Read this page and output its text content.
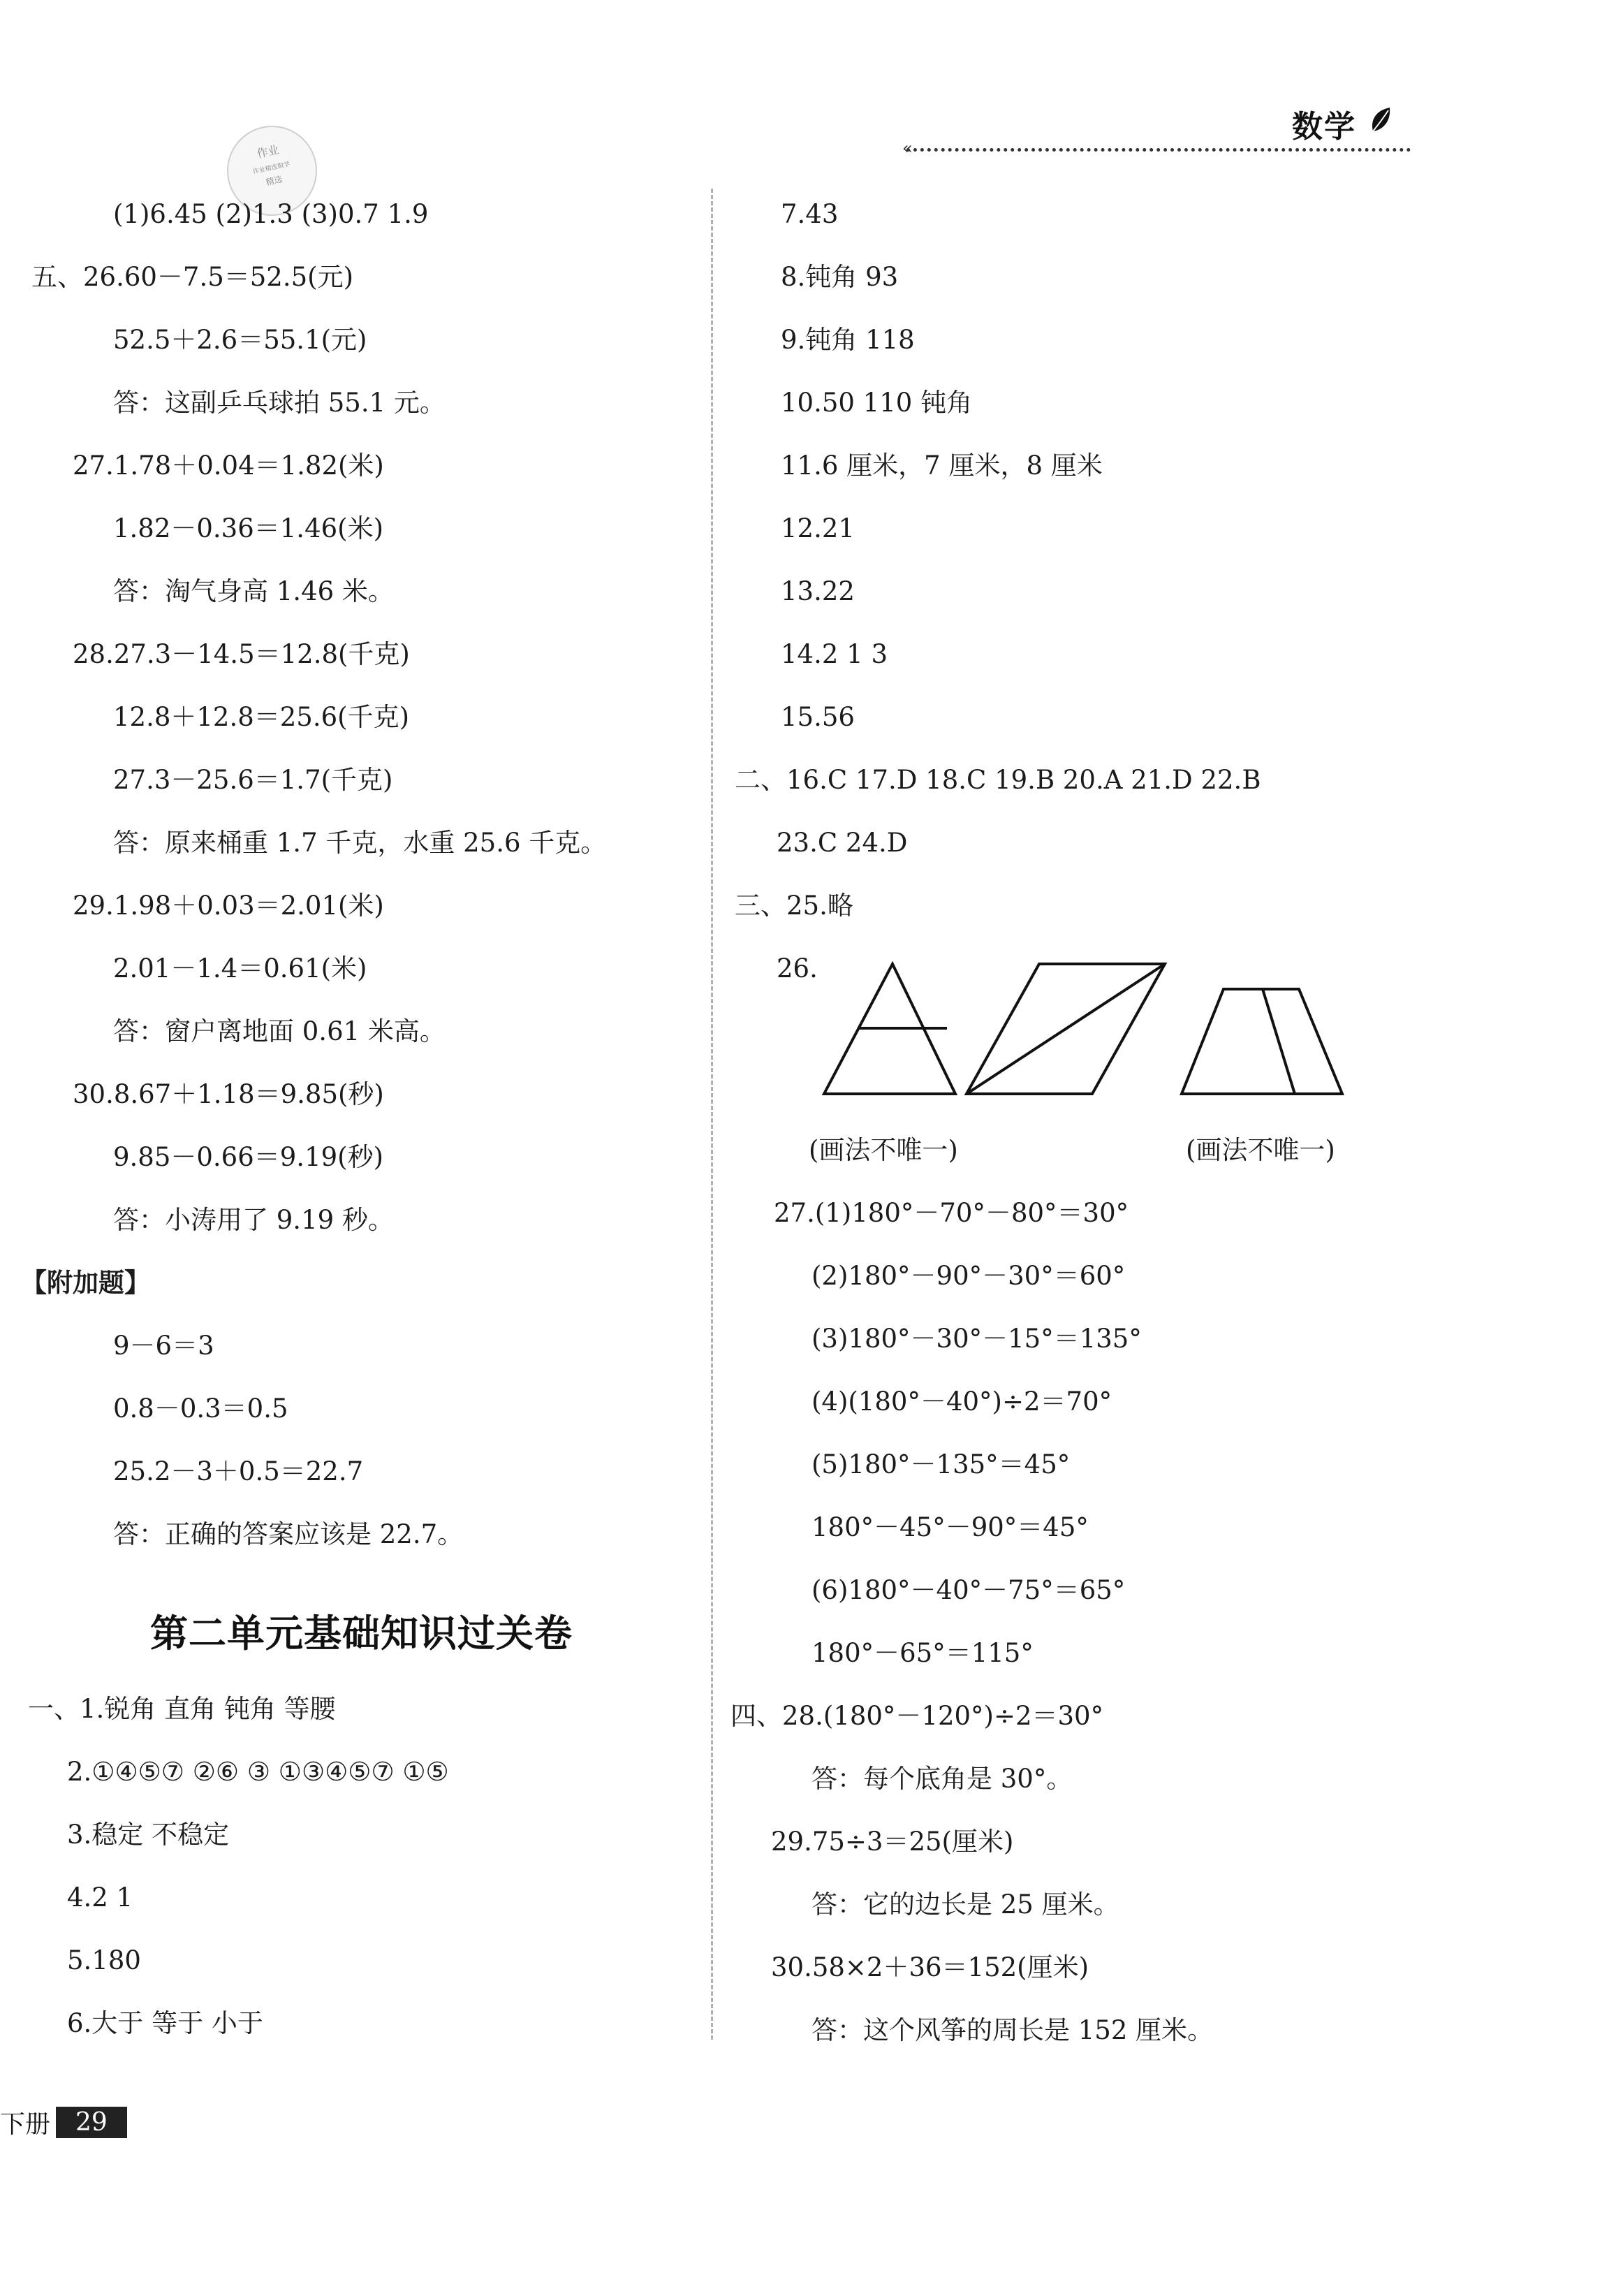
数学
«
作业
作业精选数学
精选
(1)6.45 (2)1.3 (3)0.7 1.9
五、26.60－7.5＝52.5(元)
52.5＋2.6＝55.1(元)
答：这副乒乓球拍 55.1 元。
27.1.78＋0.04＝1.82(米)
1.82－0.36＝1.46(米)
答：淘气身高 1.46 米。
28.27.3－14.5＝12.8(千克)
12.8＋12.8＝25.6(千克)
27.3－25.6＝1.7(千克)
答：原来桶重 1.7 千克，水重 25.6 千克。
29.1.98＋0.03＝2.01(米)
2.01－1.4＝0.61(米)
答：窗户离地面 0.61 米高。
30.8.67＋1.18＝9.85(秒)
9.85－0.66＝9.19(秒)
答：小涛用了 9.19 秒。
【附加题】
9－6＝3
0.8－0.3＝0.5
25.2－3＋0.5＝22.7
答：正确的答案应该是 22.7。
第二单元基础知识过关卷
一、1.锐角 直角 钝角 等腰
2.①④⑤⑦ ②⑥ ③ ①③④⑤⑦ ①⑤
3.稳定 不稳定
4.2 1
5.180
6.大于 等于 小于
7.43
8.钝角 93
9.钝角 118
10.50 110 钝角
11.6 厘米，7 厘米，8 厘米
12.21
13.22
14.2 1 3
15.56
二、16.C 17.D 18.C 19.B 20.A 21.D 22.B
23.C 24.D
三、25.略
26.
(画法不唯一)	(画法不唯一)
27.(1)180°－70°－80°＝30°
(2)180°－90°－30°＝60°
(3)180°－30°－15°＝135°
(4)(180°－40°)÷2＝70°
(5)180°－135°＝45°
180°－45°－90°＝45°
(6)180°－40°－75°＝65°
180°－65°＝115°
四、28.(180°－120°)÷2＝30°
答：每个底角是 30°。
29.75÷3＝25(厘米)
答：它的边长是 25 厘米。
30.58×2＋36＝152(厘米)
答：这个风筝的周长是 152 厘米。
下册	29
